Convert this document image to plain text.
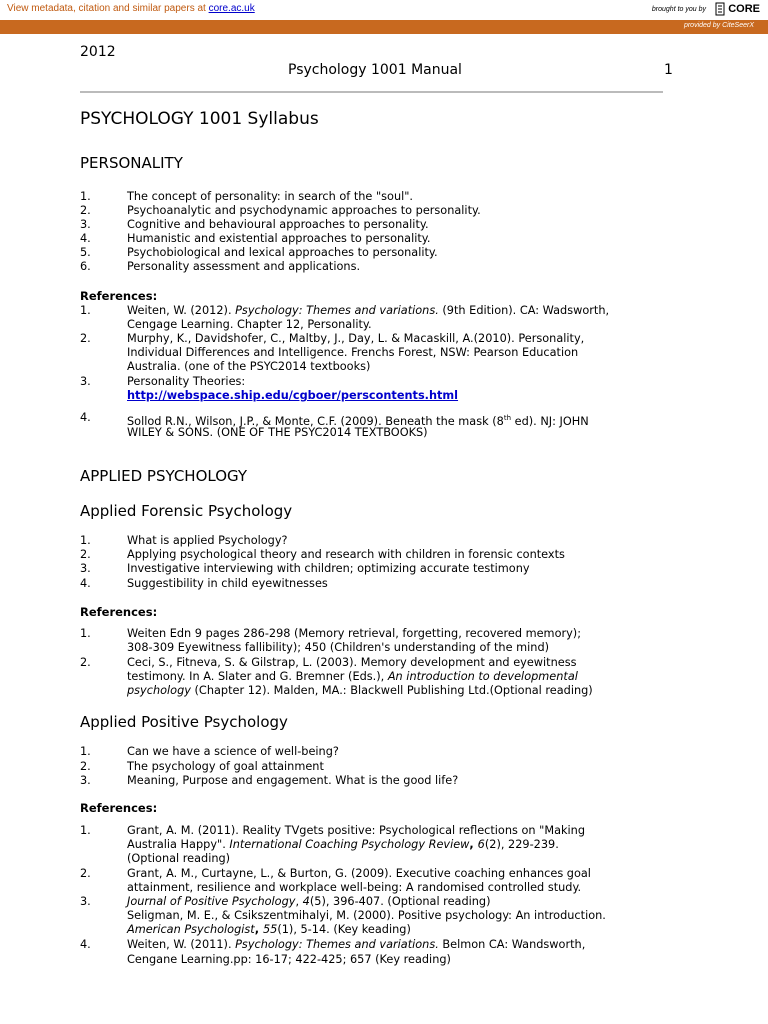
View metadata, citation and similar papers at core.ac.uk	brought to you by CORE
provided by CiteSeerX
2012
Psychology 1001 Manual	1
PSYCHOLOGY 1001 Syllabus
PERSONALITY
1.	The concept of personality: in search of the "soul".
2.	Psychoanalytic and psychodynamic approaches to personality.
3.	Cognitive and behavioural approaches to personality.
4.	Humanistic and existential approaches to personality.
5.	Psychobiological and lexical approaches to personality.
6.	Personality assessment and applications.
References:
1.	Weiten, W. (2012). Psychology: Themes and variations. (9th Edition). CA: Wadsworth,
Cengage Learning. Chapter 12, Personality.
2.	Murphy, K., Davidshofer, C., Maltby, J., Day, L. & Macaskill, A.(2010). Personality,
Individual Differences and Intelligence. Frenchs Forest, NSW: Pearson Education
Australia. (one of the PSYC2014 textbooks)
3.	Personality Theories:
http://webspace.ship.edu/cgboer/perscontents.html
4.	Sollod R.N., Wilson, J.P., & Monte, C.F. (2009). Beneath the mask (8th ed). NJ: JOHN
WILEY & SONS. (ONE OF THE PSYC2014 TEXTBOOKS)
APPLIED PSYCHOLOGY
Applied Forensic Psychology
1.	What is applied Psychology?
2.	Applying psychological theory and research with children in forensic contexts
3.	Investigative interviewing with children; optimizing accurate testimony
4.	Suggestibility in child eyewitnesses
References:
1.	Weiten Edn 9 pages 286-298 (Memory retrieval, forgetting, recovered memory);
308-309 Eyewitness fallibility); 450 (Children's understanding of the mind)
2.	Ceci, S., Fitneva, S. & Gilstrap, L. (2003). Memory development and eyewitness
testimony. In A. Slater and G. Bremner (Eds.), An introduction to developmental
psychology (Chapter 12). Malden, MA.: Blackwell Publishing Ltd.(Optional reading)
Applied Positive Psychology
1.	Can we have a science of well-being?
2.	The psychology of goal attainment
3.	Meaning, Purpose and engagement. What is the good life?
References:
1.	Grant, A. M. (2011). Reality TVgets positive: Psychological reflections on "Making
Australia Happy". International Coaching Psychology Review, 6(2), 229-239.
(Optional reading)
2.	Grant, A. M., Curtayne, L., & Burton, G. (2009). Executive coaching enhances goal
attainment, resilience and workplace well-being: A randomised controlled study.
3.	Journal of Positive Psychology, 4(5), 396-407. (Optional reading)
Seligman, M. E., & Csikszentmihalyi, M. (2000). Positive psychology: An introduction.
American Psychologist, 55(1), 5-14. (Key keading)
4.	Weiten, W. (2011). Psychology: Themes and variations. Belmon CA: Wandsworth,
Cengane Learning.pp: 16-17; 422-425; 657 (Key reading)
